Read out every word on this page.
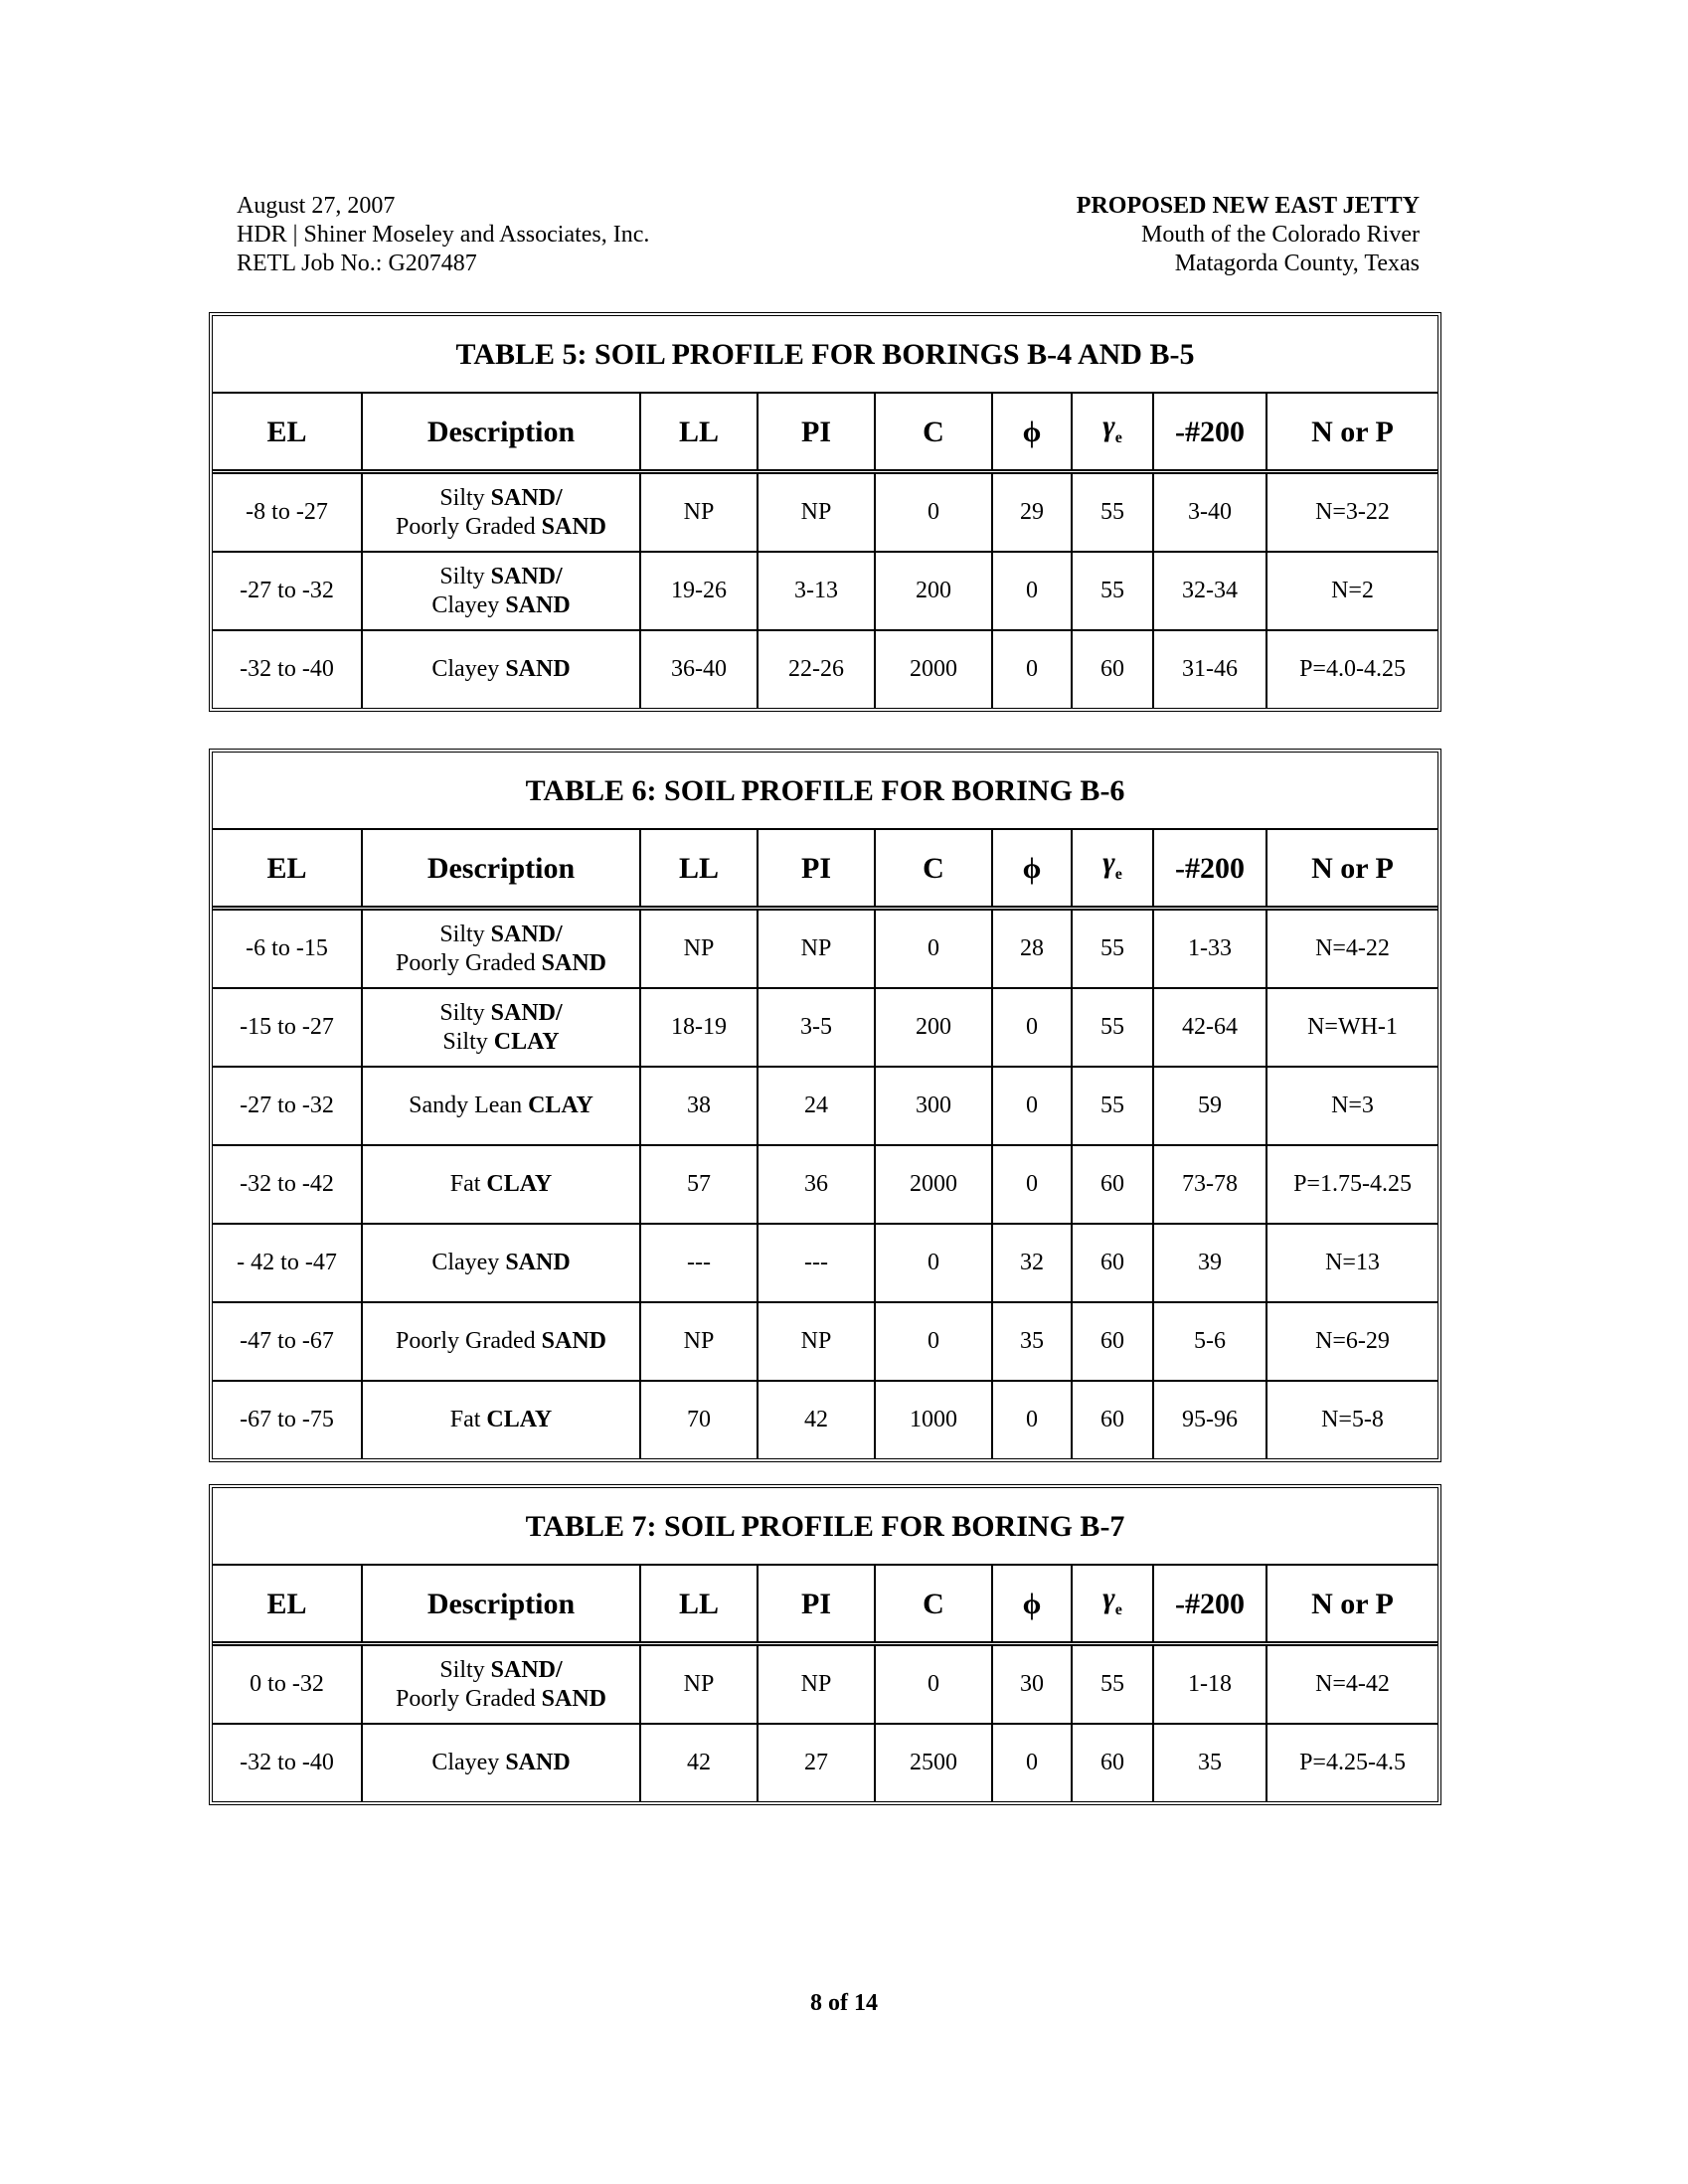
August 27, 2007
HDR | Shiner Moseley and Associates, Inc.
RETL Job No.: G207487
PROPOSED NEW EAST JETTY
Mouth of the Colorado River
Matagorda County, Texas
TABLE 5: SOIL PROFILE FOR BORINGS B-4 AND B-5								
EL	Description	LL	PI	C	ϕ	$\gamma_e$	-#200	N or P
-8 to -27	Silty SAND/
Poorly Graded SAND	NP	NP	0	29	55	3-40	N=3-22
-27 to -32	Silty SAND/
Clayey SAND	19-26	3-13	200	0	55	32-34	N=2
-32 to -40	Clayey SAND	36-40	22-26	2000	0	60	31-46	P=4.0-4.25
TABLE 6: SOIL PROFILE FOR BORING B-6								
EL	Description	LL	PI	C	ϕ	$\gamma_e$	-#200	N or P
-6 to -15	Silty SAND/
Poorly Graded SAND	NP	NP	0	28	55	1-33	N=4-22
-15 to -27	Silty SAND/
Silty CLAY	18-19	3-5	200	0	55	42-64	N=WH-1
-27 to -32	Sandy Lean CLAY	38	24	300	0	55	59	N=3
-32 to -42	Fat CLAY	57	36	2000	0	60	73-78	P=1.75-4.25
- 42 to -47	Clayey SAND	---	---	0	32	60	39	N=13
-47 to -67	Poorly Graded SAND	NP	NP	0	35	60	5-6	N=6-29
-67 to -75	Fat CLAY	70	42	1000	0	60	95-96	N=5-8
TABLE 7: SOIL PROFILE FOR BORING B-7								
EL	Description	LL	PI	C	ϕ	$\gamma_e$	-#200	N or P
0 to -32	Silty SAND/
Poorly Graded SAND	NP	NP	0	30	55	1-18	N=4-42
-32 to -40	Clayey SAND	42	27	2500	0	60	35	P=4.25-4.5
8 of 14
